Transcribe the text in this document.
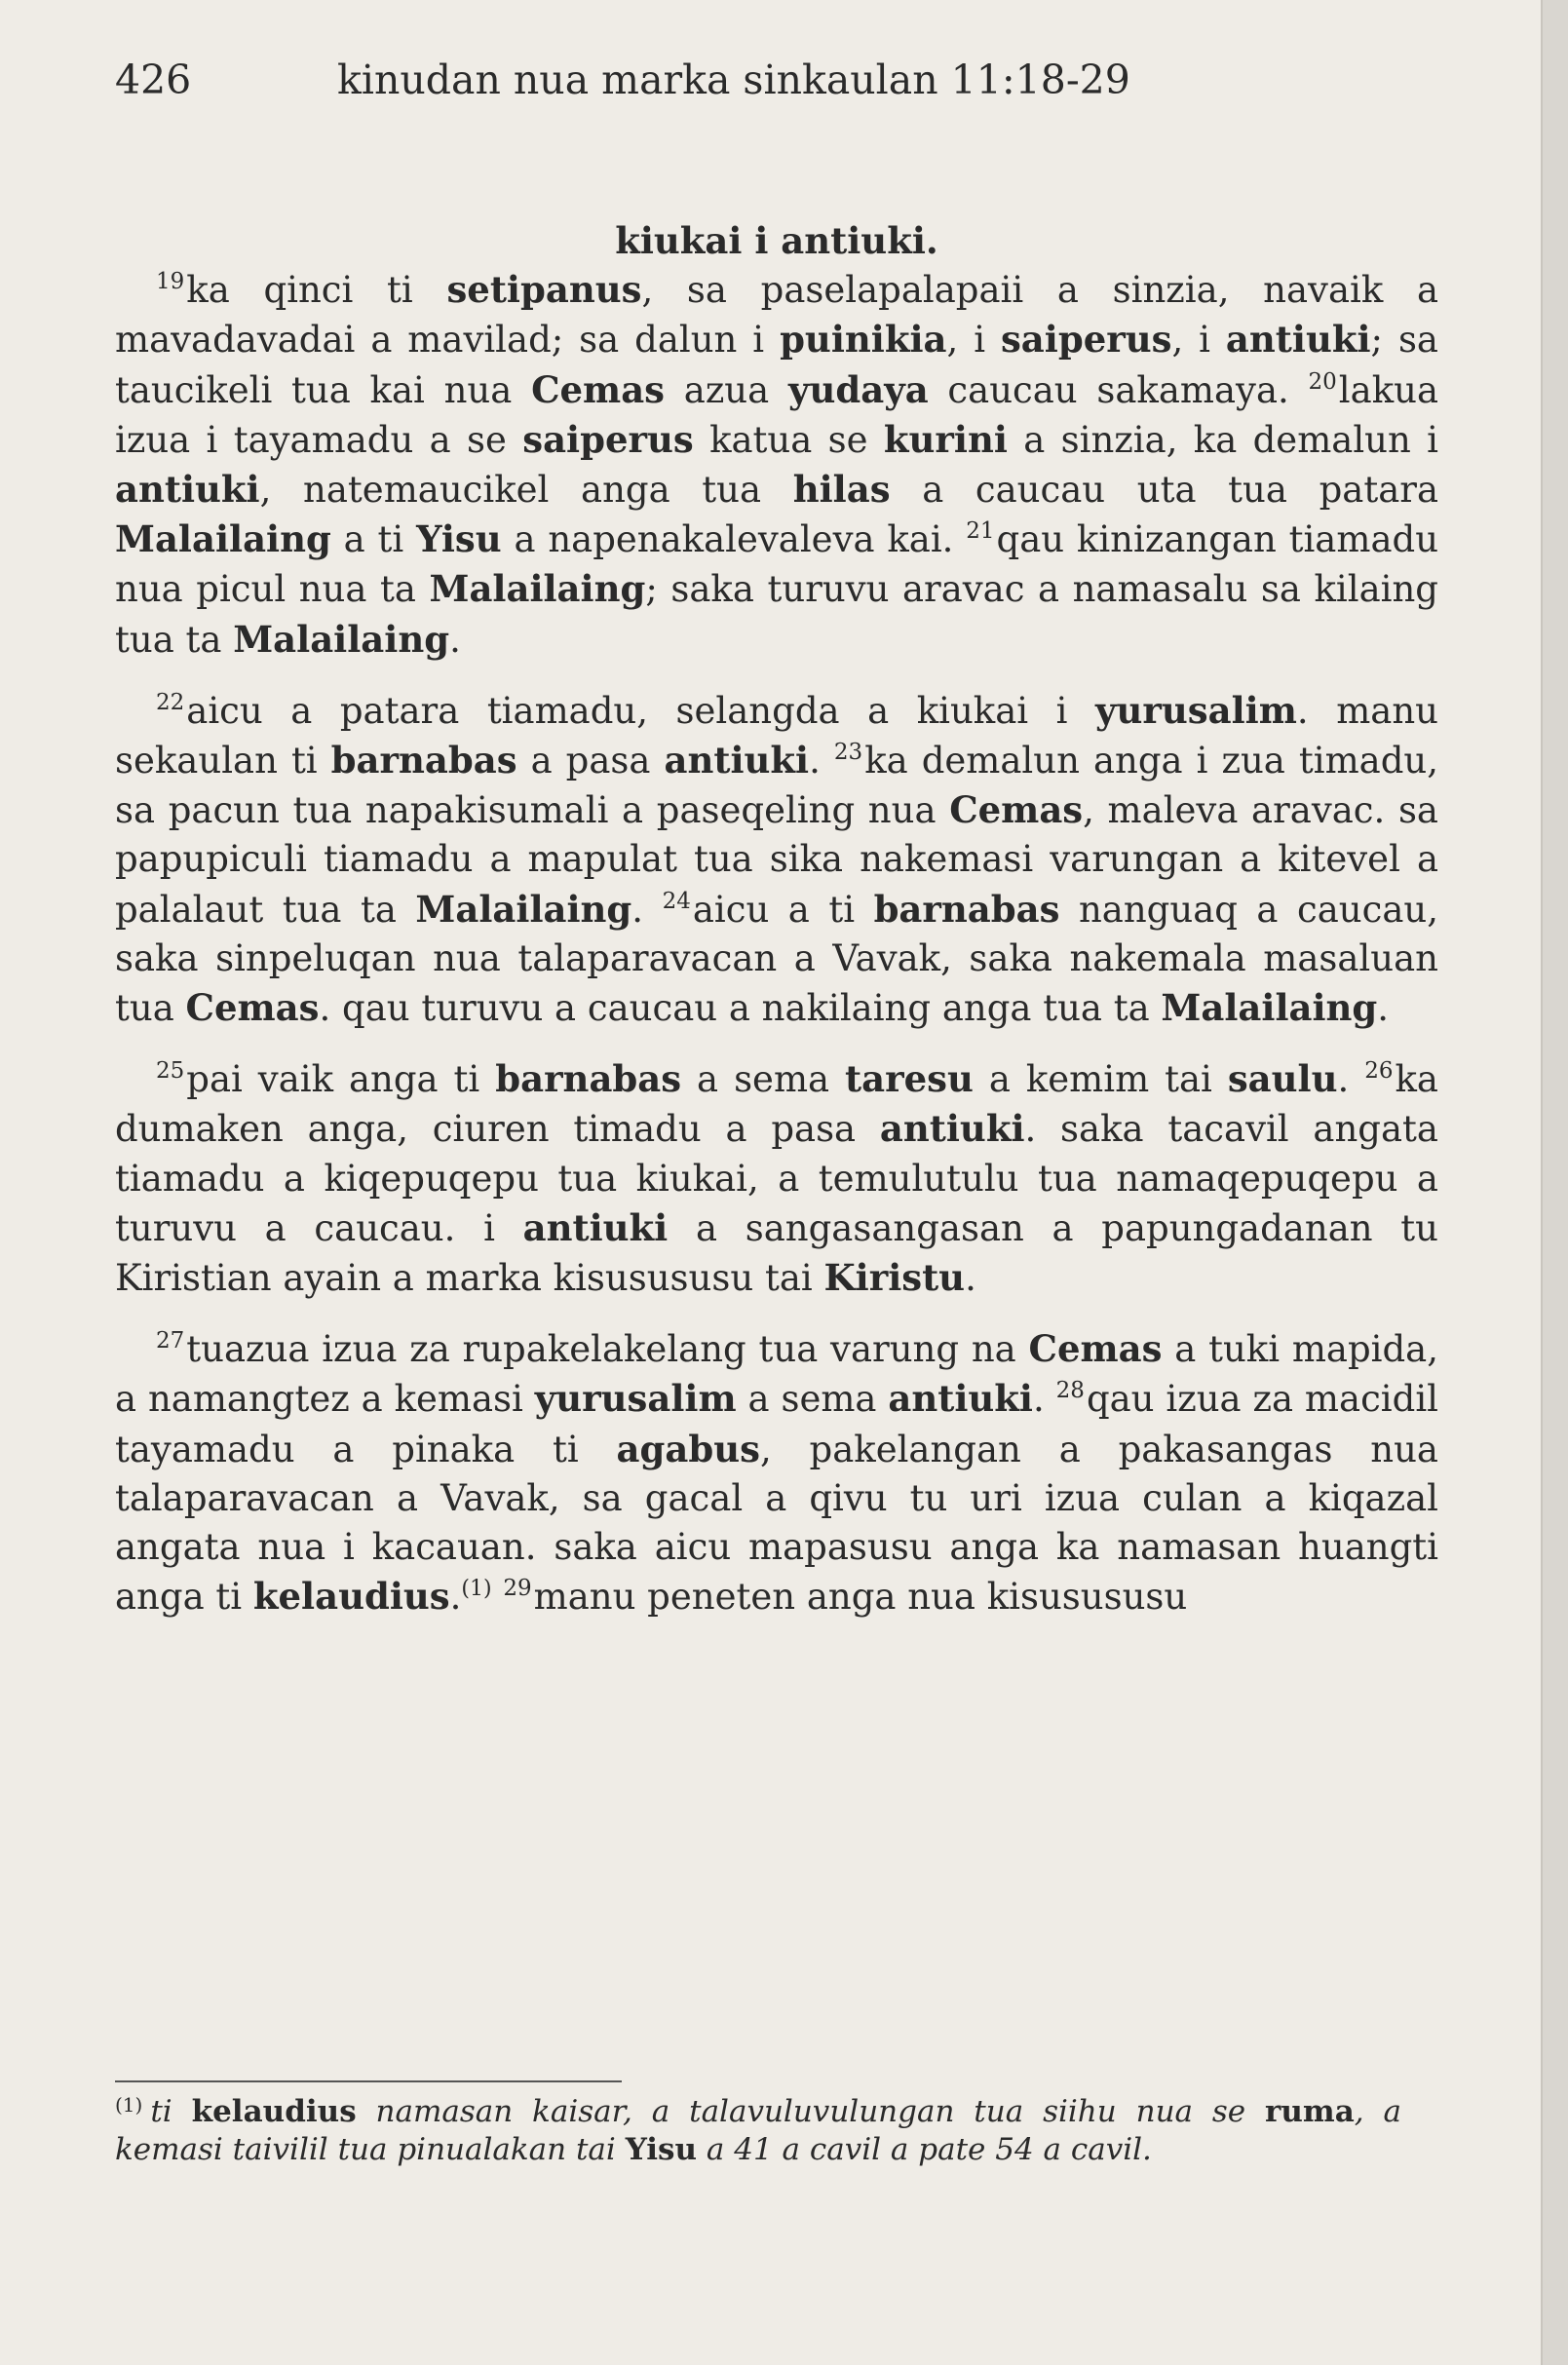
426	kinudan nua marka sinkaulan 11:18-29

kiukai i antiuki.

$^{19}$ka qinci ti setipanus, sa paselapalapaii a sinzia, navaik a mavadavadai a mavilad; sa dalun i puinikia, i saiperus, i antiuki; sa taucikeli tua kai nua Cemas azua yudaya caucau sakamaya. $^{20}$lakua izua i tayamadu a se saiperus katua se kurini a sinzia, ka demalun i antiuki, natemaucikel anga tua hilas a caucau uta tua patara Malailaing a ti Yisu a napenakalevaleva kai. $^{21}$qau kinizangan tiamadu nua picul nua ta Malailaing; saka turuvu aravac a namasalu sa kilaing tua ta Malailaing.

$^{22}$aicu a patara tiamadu, selangda a kiukai i yurusalim. manu sekaulan ti barnabas a pasa antiuki. $^{23}$ka demalun anga i zua timadu, sa pacun tua napakisumali a paseqeling nua Cemas, maleva aravac. sa papupiculi tiamadu a mapulat tua sika nakemasi varungan a kitevel a palalaut tua ta Malailaing. $^{24}$aicu a ti barnabas nanguaq a caucau, saka sinpeluqan nua talaparavacan a Vavak, saka nakemala masaluan tua Cemas. qau turuvu a caucau a nakilaing anga tua ta Malailaing.

$^{25}$pai vaik anga ti barnabas a sema taresu a kemim tai saulu. $^{26}$ka dumaken anga, ciuren timadu a pasa antiuki. saka tacavil angata tiamadu a kiqepuqepu tua kiukai, a temulutulu tua namaqepuqepu a turuvu a caucau. i antiuki a sangasangasan a papungadanan tu Kiristian ayain a marka kisusususu tai Kiristu.

$^{27}$tuazua izua za rupakelakelang tua varung na Cemas a tuki mapida, a namangtez a kemasi yurusalim a sema antiuki. $^{28}$qau izua za macidil tayamadu a pinaka ti agabus, pakelangan a pakasangas nua talaparavacan a Vavak, sa gacal a qivu tu uri izua culan a kiqazal angata nua i kacauan. saka aicu mapasusu anga ka namasan huangti anga ti kelaudius.$^{(1)}$ $^{29}$manu peneten anga nua kisusususu

$^{(1)}$ ti kelaudius namasan kaisar, a talavuluvulungan tua siihu nua se ruma, a kemasi taivilil tua pinualakan tai Yisu a 41 a cavil a pate 54 a cavil.
